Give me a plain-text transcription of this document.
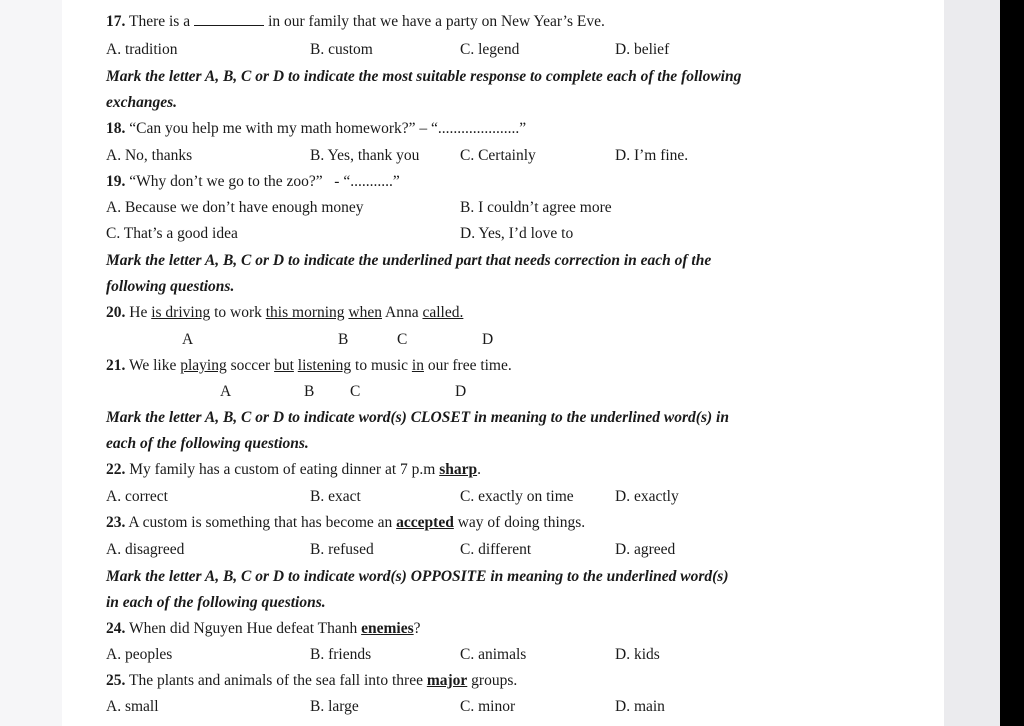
17. There is a	in our family that we have a party on New Year’s Eve.
A. tradition	B. custom	C. legend	D. belief
Mark the letter A, B, C or D to indicate the most suitable response to complete each of the following
exchanges.
18. “Can you help me with my math homework?” – “.....................”
A. No, thanks	B. Yes, thank you	C. Certainly	D. I’m fine.
19. “Why don’t we go to the zoo?”   - “...........”
A. Because we don’t have enough money	B. I couldn’t agree more
C. That’s a good idea	D. Yes, I’d love to
Mark the letter A, B, C or D to indicate the underlined part that needs correction in each of the
following questions.
20. He is driving to work this morning when Anna called.
A	B	C	D
21. We like playing soccer but listening to music in our free time.
A	B C	D
Mark the letter A, B, C or D to indicate word(s) CLOSET in meaning to the underlined word(s) in
each of the following questions.
22. My family has a custom of eating dinner at 7 p.m sharp.
A. correct	B. exact	C. exactly on time	D. exactly
23. A custom is something that has become an accepted way of doing things.
A. disagreed	B. refused	C. different	D. agreed
Mark the letter A, B, C or D to indicate word(s) OPPOSITE in meaning to the underlined word(s)
in each of the following questions.
24. When did Nguyen Hue defeat Thanh enemies?
A. peoples	B. friends	C. animals	D. kids
25. The plants and animals of the sea fall into three major groups.
A. small	B. large	C. minor	D. main
